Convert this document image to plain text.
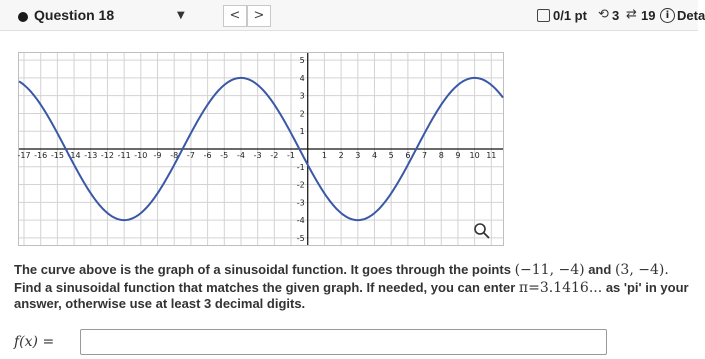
Question 18	▼	<	>	0/1 pt ⟲ 3 ⇄ 19	i Deta
-17 -16 -15 -14 -13 -12 -11 -10 -9 -8 -7 -6 -5 -4 -3 -2 -1	1 2 3 4 5 6 7 8 9 10 11
5
4
3
2
1
-1
-2
-3
-4
-5
The curve above is the graph of a sinusoidal function. It goes through the points (−11, −4) and (3, −4).
Find a sinusoidal function that matches the given graph. If needed, you can enter π=3.1416... as 'pi' in your
answer, otherwise use at least 3 decimal digits.
f(x) =
